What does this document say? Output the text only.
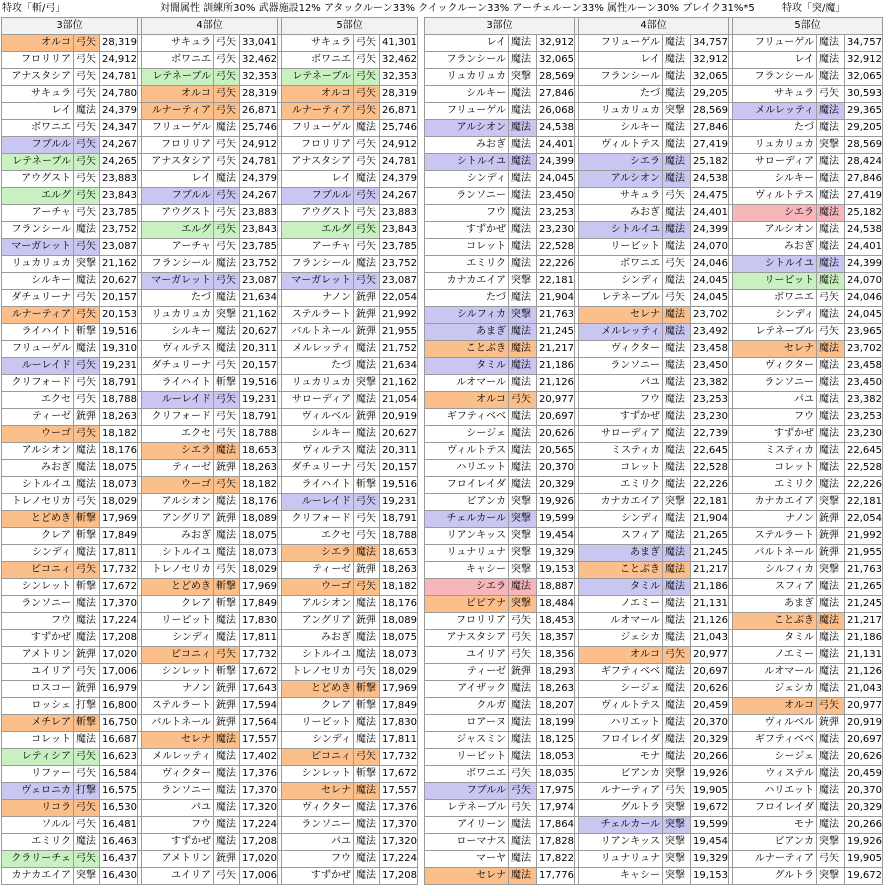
特攻「斬/弓」	対闇属性 訓練所30% 武器施設12% アタックルーン33% クイックルーン33% アーチェルーン33% 属性ルーン30% ブレイク31%*5	特攻「突/魔」
3部位				4部位				5部位		
オルコ	弓矢	28,319		サキュラ	弓矢	33,041		サキュラ	弓矢	41,301
フロリリア	弓矢	24,912		ボワニエ	弓矢	32,462		ボワニエ	弓矢	32,462
アナスタシア	弓矢	24,781		レテネーブル	弓矢	32,353		レテネーブル	弓矢	32,353
サキュラ	弓矢	24,780		オルコ	弓矢	28,319		オルコ	弓矢	28,319
レイ	魔法	24,379		ルナーティア	弓矢	26,871		ルナーティア	弓矢	26,871
ボワニエ	弓矢	24,347		フリューゲル	魔法	25,746		フリューゲル	魔法	25,746
フブルル	弓矢	24,267		フロリリア	弓矢	24,912		フロリリア	弓矢	24,912
レテネーブル	弓矢	24,265		アナスタシア	弓矢	24,781		アナスタシア	弓矢	24,781
アウグスト	弓矢	23,883		レイ	魔法	24,379		レイ	魔法	24,379
エルグ	弓矢	23,843		フブルル	弓矢	24,267		フブルル	弓矢	24,267
アーチャ	弓矢	23,785		アウグスト	弓矢	23,883		アウグスト	弓矢	23,883
フランシール	魔法	23,752		エルグ	弓矢	23,843		エルグ	弓矢	23,843
マーガレット	弓矢	23,087		アーチャ	弓矢	23,785		アーチャ	弓矢	23,785
リュカリュカ	突撃	21,162		フランシール	魔法	23,752		フランシール	魔法	23,752
シルキー	魔法	20,627		マーガレット	弓矢	23,087		マーガレット	弓矢	23,087
ダチュリーナ	弓矢	20,157		たづ	魔法	21,634		ナノン	銃弾	22,054
ルナーティア	弓矢	20,153		リュカリュカ	突撃	21,162		ステルラート	銃弾	21,992
ライハイト	斬撃	19,516		シルキー	魔法	20,627		バルトネール	銃弾	21,955
フリューゲル	魔法	19,310		ヴィルテス	魔法	20,311		メルレッティ	魔法	21,752
ルーレイド	弓矢	19,231		ダチュリーナ	弓矢	20,157		たづ	魔法	21,634
クリフォード	弓矢	18,791		ライハイト	斬撃	19,516		リュカリュカ	突撃	21,162
エクセ	弓矢	18,788		ルーレイド	弓矢	19,231		サローディア	魔法	21,054
ティーゼ	銃弾	18,263		クリフォード	弓矢	18,791		ヴィルベル	銃弾	20,919
ウーゴ	弓矢	18,182		エクセ	弓矢	18,788		シルキー	魔法	20,627
アルシオン	魔法	18,176		シエラ	魔法	18,653		ヴィルテス	魔法	20,311
みおぎ	魔法	18,075		ティーゼ	銃弾	18,263		ダチュリーナ	弓矢	20,157
シトルイユ	魔法	18,073		ウーゴ	弓矢	18,182		ライハイト	斬撃	19,516
トレノセリカ	弓矢	18,029		アルシオン	魔法	18,176		ルーレイド	弓矢	19,231
とどめき	斬撃	17,969		アングリア	銃弾	18,089		クリフォード	弓矢	18,791
クレア	斬撃	17,849		みおぎ	魔法	18,075		エクセ	弓矢	18,788
シンディ	魔法	17,811		シトルイユ	魔法	18,073		シエラ	魔法	18,653
ピコニィ	弓矢	17,732		トレノセリカ	弓矢	18,029		ティーゼ	銃弾	18,263
シンレット	斬撃	17,672		とどめき	斬撃	17,969		ウーゴ	弓矢	18,182
ランソニー	魔法	17,370		クレア	斬撃	17,849		アルシオン	魔法	18,176
フウ	魔法	17,224		リーピット	魔法	17,830		アングリア	銃弾	18,089
すずかぜ	魔法	17,208		シンディ	魔法	17,811		みおぎ	魔法	18,075
アメトリン	銃弾	17,020		ピコニィ	弓矢	17,732		シトルイユ	魔法	18,073
ユイリア	弓矢	17,006		シンレット	斬撃	17,672		トレノセリカ	弓矢	18,029
ロスコー	銃弾	16,979		ナノン	銃弾	17,643		とどめき	斬撃	17,969
ロッシェ	打撃	16,800		ステルラート	銃弾	17,594		クレア	斬撃	17,849
メチレア	斬撃	16,750		バルトネール	銃弾	17,564		リーピット	魔法	17,830
コレット	魔法	16,687		セレナ	魔法	17,557		シンディ	魔法	17,811
レティシア	弓矢	16,623		メルレッティ	魔法	17,402		ピコニィ	弓矢	17,732
リファー	弓矢	16,584		ヴィクター	魔法	17,376		シンレット	斬撃	17,672
ヴェロニカ	打撃	16,575		ランソニー	魔法	17,370		セレナ	魔法	17,557
リコラ	弓矢	16,530		パユ	魔法	17,320		ヴィクター	魔法	17,376
ソルル	弓矢	16,481		フウ	魔法	17,224		ランソニー	魔法	17,370
エミリク	魔法	16,463		すずかぜ	魔法	17,208		パユ	魔法	17,320
クラリーチェ	弓矢	16,437		アメトリン	銃弾	17,020		フウ	魔法	17,224
カナカエイア	突撃	16,430		ユイリア	弓矢	17,006		すずかぜ	魔法	17,208
3部位				4部位				5部位		
レイ	魔法	32,912		フリューゲル	魔法	34,757		フリューゲル	魔法	34,757
フランシール	魔法	32,065		レイ	魔法	32,912		レイ	魔法	32,912
リュカリュカ	突撃	28,569		フランシール	魔法	32,065		フランシール	魔法	32,065
シルキー	魔法	27,846		たづ	魔法	29,205		サキュラ	弓矢	30,593
フリューゲル	魔法	26,068		リュカリュカ	突撃	28,569		メルレッティ	魔法	29,365
アルシオン	魔法	24,538		シルキー	魔法	27,846		たづ	魔法	29,205
みおぎ	魔法	24,401		ヴィルトテス	魔法	27,419		リュカリュカ	突撃	28,569
シトルイユ	魔法	24,399		シエラ	魔法	25,182		サローディア	魔法	28,424
シンディ	魔法	24,045		アルシオン	魔法	24,538		シルキー	魔法	27,846
ランソニー	魔法	23,450		サキュラ	弓矢	24,475		ヴィルトテス	魔法	27,419
フウ	魔法	23,253		みおぎ	魔法	24,401		シエラ	魔法	25,182
すずかぜ	魔法	23,230		シトルイユ	魔法	24,399		アルシオン	魔法	24,538
コレット	魔法	22,528		リーピット	魔法	24,070		みおぎ	魔法	24,401
エミリク	魔法	22,226		ボワニエ	弓矢	24,046		シトルイユ	魔法	24,399
カナカエイア	突撃	22,181		シンディ	魔法	24,045		リーピット	魔法	24,070
たづ	魔法	21,904		レテネーブル	弓矢	24,045		ボワニエ	弓矢	24,046
シルフィカ	突撃	21,763		セレナ	魔法	23,702		シンディ	魔法	24,045
あまぎ	魔法	21,245		メルレッティ	魔法	23,492		レテネーブル	弓矢	23,965
ことぶき	魔法	21,217		ヴィクター	魔法	23,458		セレナ	魔法	23,702
タミル	魔法	21,186		ランソニー	魔法	23,450		ヴィクター	魔法	23,458
ルオマール	魔法	21,126		パユ	魔法	23,382		ランソニー	魔法	23,450
オルコ	弓矢	20,977		フウ	魔法	23,253		パユ	魔法	23,382
ギフティベベ	魔法	20,697		すずかぜ	魔法	23,230		フウ	魔法	23,253
シージェ	魔法	20,626		サローディア	魔法	22,739		すずかぜ	魔法	23,230
ヴィルトテス	魔法	20,565		ミスティカ	魔法	22,645		ミスティカ	魔法	22,645
ハリエット	魔法	20,370		コレット	魔法	22,528		コレット	魔法	22,528
フロイレイダ	魔法	20,329		エミリク	魔法	22,226		エミリク	魔法	22,226
ビアンカ	突撃	19,926		カナカエイア	突撃	22,181		カナカエイア	突撃	22,181
チェルカール	突撃	19,599		シンディ	魔法	21,904		ナノン	銃弾	22,054
リアンキッス	突撃	19,454		スフィア	魔法	21,265		ステルラート	銃弾	21,992
リュナリュナ	突撃	19,329		あまぎ	魔法	21,245		バルトネール	銃弾	21,955
キャシー	突撃	19,153		ことぶき	魔法	21,217		シルフィカ	突撃	21,763
シエラ	魔法	18,887		タミル	魔法	21,186		スフィア	魔法	21,265
ビビアナ	突撃	18,484		ノエミー	魔法	21,131		あまぎ	魔法	21,245
フロリリア	弓矢	18,453		ルオマール	魔法	21,126		ことぶき	魔法	21,217
アナスタシア	弓矢	18,357		ジェシカ	魔法	21,043		タミル	魔法	21,186
ユイリア	弓矢	18,356		オルコ	弓矢	20,977		ノエミー	魔法	21,131
ティーゼ	銃弾	18,293		ギフティベベ	魔法	20,697		ルオマール	魔法	21,126
アイザック	魔法	18,263		シージェ	魔法	20,626		ジェシカ	魔法	21,043
クルガ	魔法	18,207		ヴィルトテス	魔法	20,459		オルコ	弓矢	20,977
ロアーヌ	魔法	18,199		ハリエット	魔法	20,370		ヴィルベル	銃弾	20,919
ジャスミン	魔法	18,125		フロイレイダ	魔法	20,329		ギフティベベ	魔法	20,697
リーピット	魔法	18,053		モナ	魔法	20,266		シージェ	魔法	20,626
ボワニエ	弓矢	18,035		ビアンカ	突撃	19,926		ウィステル	魔法	20,459
フブルル	弓矢	17,975		ルナーティア	弓矢	19,905		ハリエット	魔法	20,370
レテネーブル	弓矢	17,974		グルトラ	突撃	19,672		フロイレイダ	魔法	20,329
アイリーン	魔法	17,864		チェルカール	突撃	19,599		モナ	魔法	20,266
ローマナス	魔法	17,828		リアンキッス	突撃	19,454		ビアンカ	突撃	19,926
マーヤ	魔法	17,822		リュナリュナ	突撃	19,329		ルナーティア	弓矢	19,905
セレナ	魔法	17,776		キャシー	突撃	19,153		グルトラ	突撃	19,672
